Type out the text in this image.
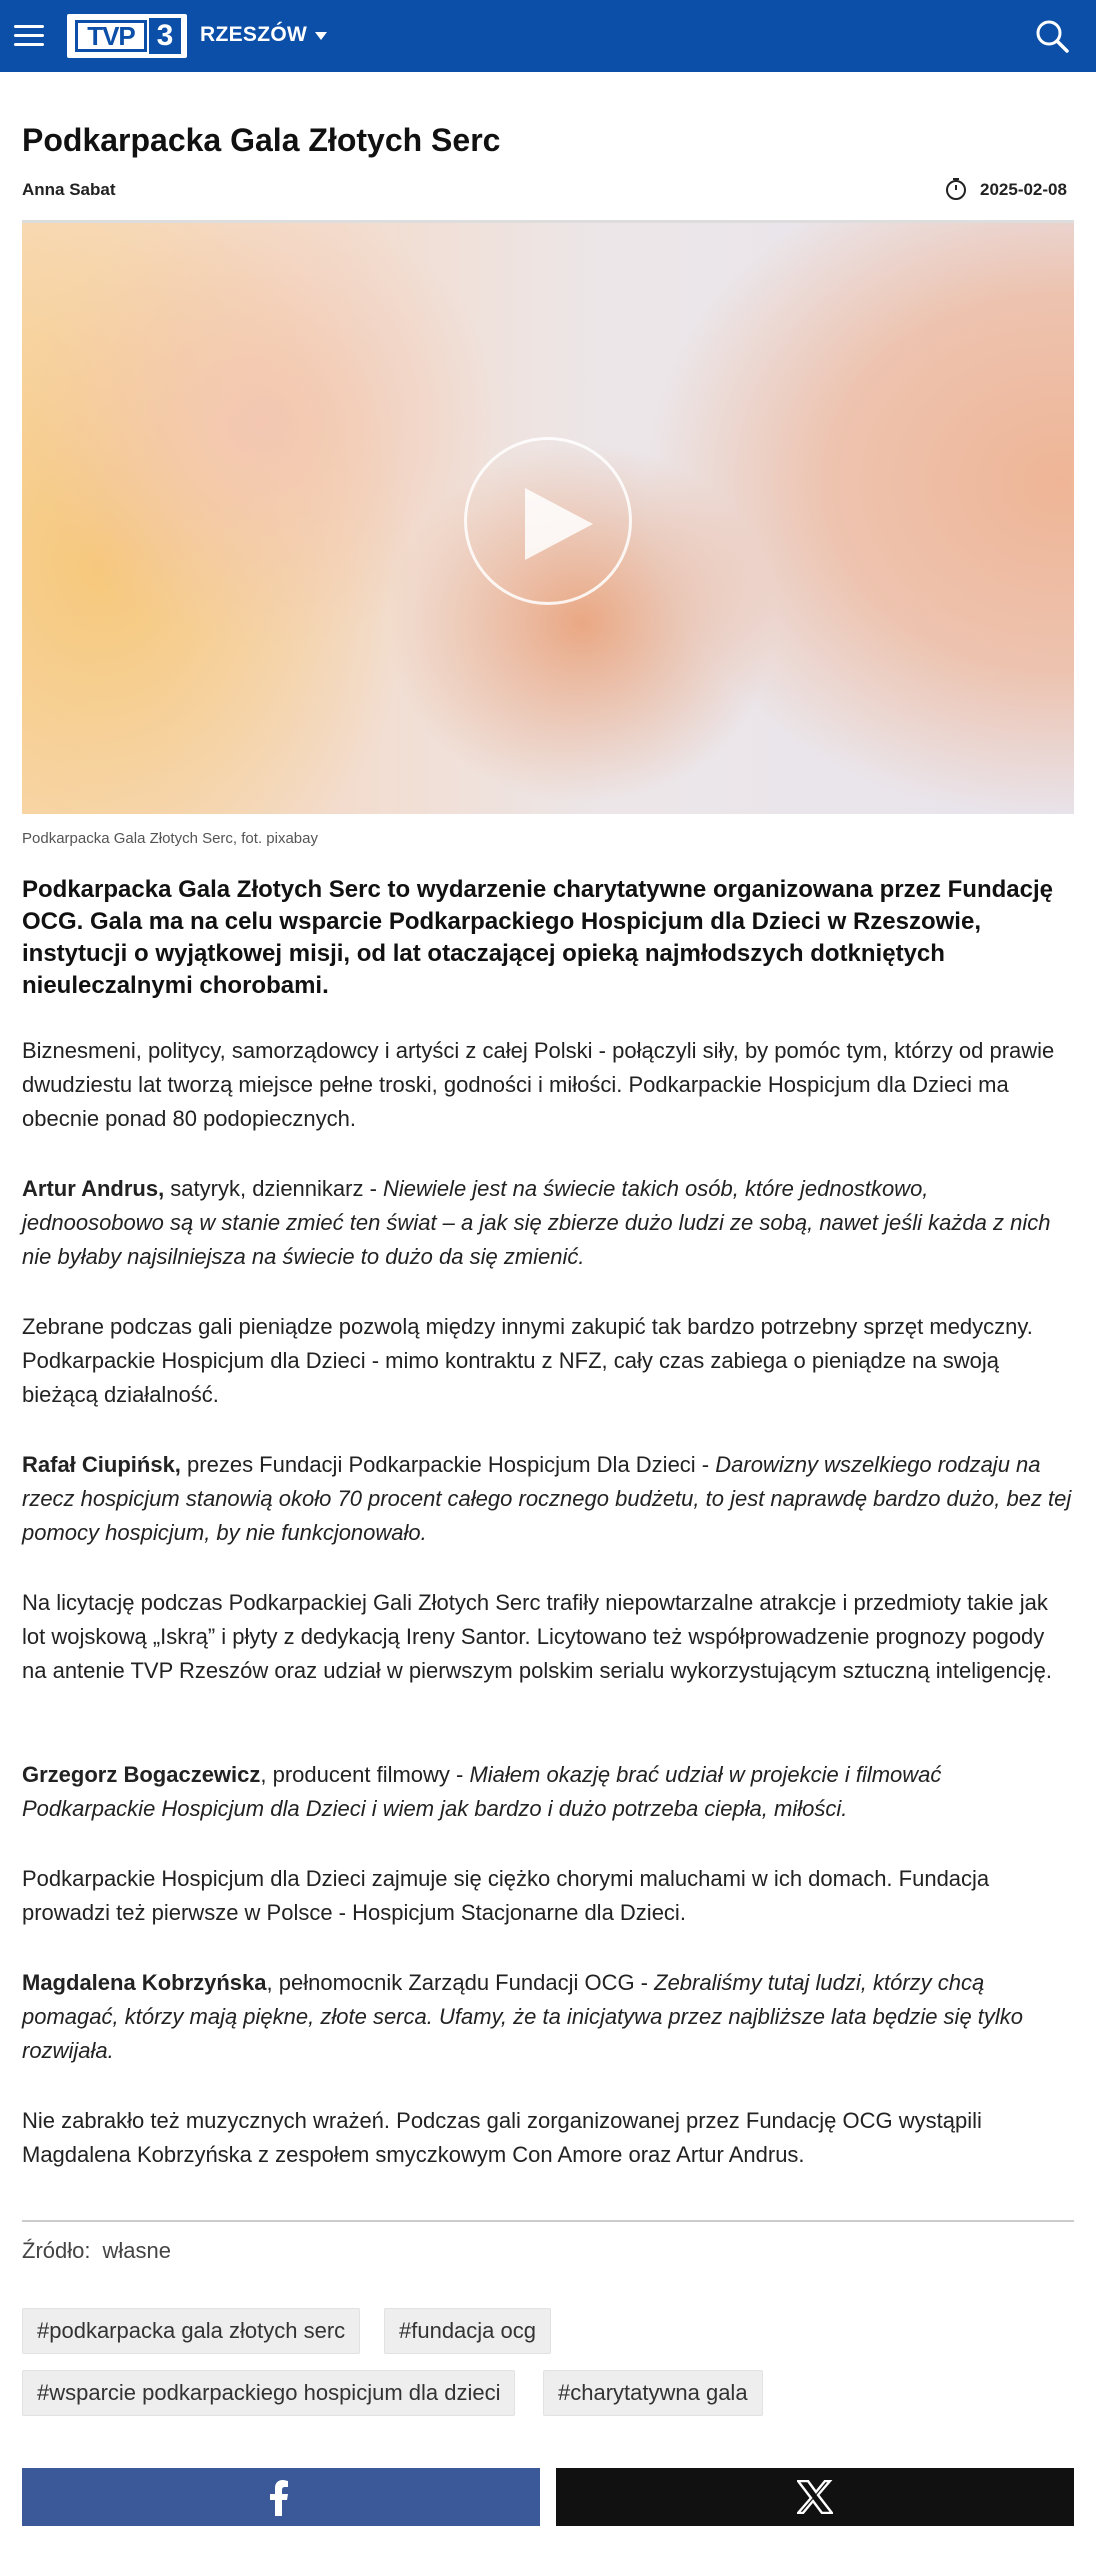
TVP 3	RZESZÓW
Podkarpacka Gala Złotych Serc
Anna Sabat	2025-02-08
Podkarpacka Gala Złotych Serc, fot. pixabay
Podkarpacka Gala Złotych Serc to wydarzenie charytatywne organizowana przez Fundację OCG. Gala ma na celu wsparcie Podkarpackiego Hospicjum dla Dzieci w Rzeszowie, instytucji o wyjątkowej misji, od lat otaczającej opieką najmłodszych dotkniętych nieuleczalnymi chorobami.
Biznesmeni, politycy, samorządowcy i artyści z całej Polski - połączyli siły, by pomóc tym, którzy od prawie dwudziestu lat tworzą miejsce pełne troski, godności i miłości. Podkarpackie Hospicjum dla Dzieci ma obecnie ponad 80 podopiecznych.
Artur Andrus, satyryk, dziennikarz - Niewiele jest na świecie takich osób, które jednostkowo, jednoosobowo są w stanie zmieć ten świat – a jak się zbierze dużo ludzi ze sobą, nawet jeśli każda z nich nie byłaby najsilniejsza na świecie to dużo da się zmienić.
Zebrane podczas gali pieniądze pozwolą między innymi zakupić tak bardzo potrzebny sprzęt medyczny. Podkarpackie Hospicjum dla Dzieci - mimo kontraktu z NFZ, cały czas zabiega o pieniądze na swoją bieżącą działalność.
Rafał Ciupińsk, prezes Fundacji Podkarpackie Hospicjum Dla Dzieci - Darowizny wszelkiego rodzaju na rzecz hospicjum stanowią około 70 procent całego rocznego budżetu, to jest naprawdę bardzo dużo, bez tej pomocy hospicjum, by nie funkcjonowało.
Na licytację podczas Podkarpackiej Gali Złotych Serc trafiły niepowtarzalne atrakcje i przedmioty takie jak lot wojskową „Iskrą” i płyty z dedykacją Ireny Santor. Licytowano też współprowadzenie prognozy pogody na antenie TVP Rzeszów oraz udział w pierwszym polskim serialu wykorzystującym sztuczną inteligencję.
Grzegorz Bogaczewicz, producent filmowy - Miałem okazję brać udział w projekcie i filmować Podkarpackie Hospicjum dla Dzieci i wiem jak bardzo i dużo potrzeba ciepła, miłości.
Podkarpackie Hospicjum dla Dzieci zajmuje się ciężko chorymi maluchami w ich domach. Fundacja prowadzi też pierwsze w Polsce - Hospicjum Stacjonarne dla Dzieci.
Magdalena Kobrzyńska, pełnomocnik Zarządu Fundacji OCG - Zebraliśmy tutaj ludzi, którzy chcą pomagać, którzy mają piękne, złote serca. Ufamy, że ta inicjatywa przez najbliższe lata będzie się tylko rozwijała.
Nie zabrakło też muzycznych wrażeń. Podczas gali zorganizowanej przez Fundację OCG wystąpili Magdalena Kobrzyńska z zespołem smyczkowym Con Amore oraz Artur Andrus.
Źródło: własne
#podkarpacka gala złotych serc	#fundacja ocg
#wsparcie podkarpackiego hospicjum dla dzieci	#charytatywna gala
